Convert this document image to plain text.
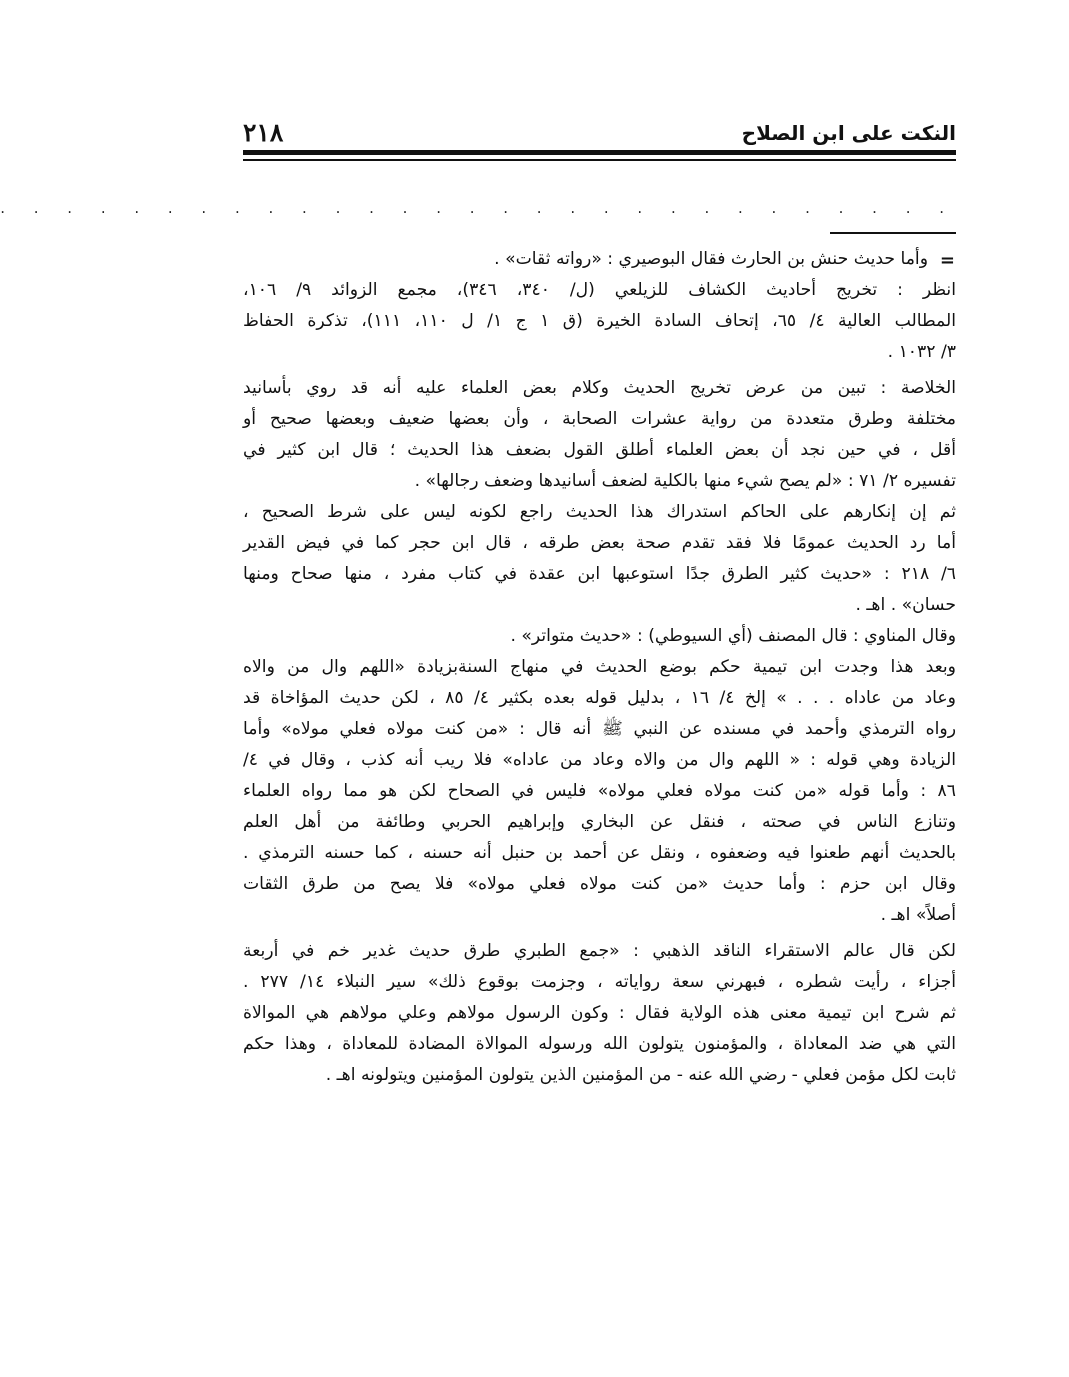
النكت على ابن الصلاح
٢١٨
. . . . . . . . . . . . . . . . . . . . . . . . . . . . .
=
وأما حديث حنش بن الحارث فقال البوصيري : «رواته ثقات» .
انظر : تخريج أحاديث الكشاف للزيلعي (ل/ ٣٤٠، ٣٤٦)، مجمع الزوائد ٩/ ١٠٦،
المطالب العالية ٤/ ٦٥، إتحاف السادة الخيرة (ق ١ ج ١/ ل ١١٠، ١١١)، تذكرة الحفاظ
٣/ ١٠٣٢ .
الخلاصة : تبين من عرض تخريج الحديث وكلام بعض العلماء عليه أنه قد روي بأسانيد
مختلفة وطرق متعددة من رواية عشرات الصحابة ، وأن بعضها ضعيف وبعضها صحيح أو
أقل ، في حين نجد أن بعض العلماء أطلق القول بضعف هذا الحديث ؛ قال ابن كثير في
تفسيره ٢/ ٧١ : «لم يصح شيء منها بالكلية لضعف أسانيدها وضعف رجالها» .
ثم إن إنكارهم على الحاكم استدراك هذا الحديث راجع لكونه ليس على شرط الصحيح ،
أما رد الحديث عمومًا فلا فقد تقدم صحة بعض طرقه ، قال ابن حجر كما في فيض القدير
٦/ ٢١٨ : «حديث كثير الطرق جدًا استوعبها ابن عقدة في كتاب مفرد ، منها صحاح ومنها
حسان» . اهـ .
وقال المناوي : قال المصنف (أي السيوطي) : «حديث متواتر» .
وبعد هذا وجدت ابن تيمية حكم بوضع الحديث في منهاج السنةبزيادة «اللهم وال من والاه
وعاد من عاداه . . . » إلخ ٤/ ١٦ ، بدليل قوله بعده بكثير ٤/ ٨٥ ، لكن حديث المؤاخاة قد
رواه الترمذي وأحمد في مسنده عن النبي ﷺ أنه قال : «من كنت مولاه فعلي مولاه» وأما
الزيادة وهي قوله : « اللهم وال من والاه وعاد من عاداه» فلا ريب أنه كذب ، وقال في ٤/
٨٦ : وأما قوله «من كنت مولاه فعلي مولاه» فليس في الصحاح لكن هو مما رواه العلماء
وتنازع الناس في صحته ، فنقل عن البخاري وإبراهيم الحربي وطائفة من أهل العلم
بالحديث أنهم طعنوا فيه وضعفوه ، ونقل عن أحمد بن حنبل أنه حسنه ، كما حسنه الترمذي .
وقال ابن حزم : وأما حديث «من كنت مولاه فعلي مولاه» فلا يصح من طرق الثقات
أصلاً» اهـ .
لكن قال عالم الاستقراء الناقد الذهبي : «جمع الطبري طرق حديث غدير خم في أربعة
أجزاء ، رأيت شطره ، فبهرني سعة رواياته ، وجزمت بوقوع ذلك» سير النبلاء ١٤/ ٢٧٧ .
ثم شرح ابن تيمية معنى هذه الولاية فقال : وكون الرسول مولاهم وعلي مولاهم هي الموالاة
التي هي ضد المعاداة ، والمؤمنون يتولون الله ورسوله الموالاة المضادة للمعاداة ، وهذا حكم
ثابت لكل مؤمن فعلي - رضي الله عنه - من المؤمنين الذين يتولون المؤمنين ويتولونه اهـ .
